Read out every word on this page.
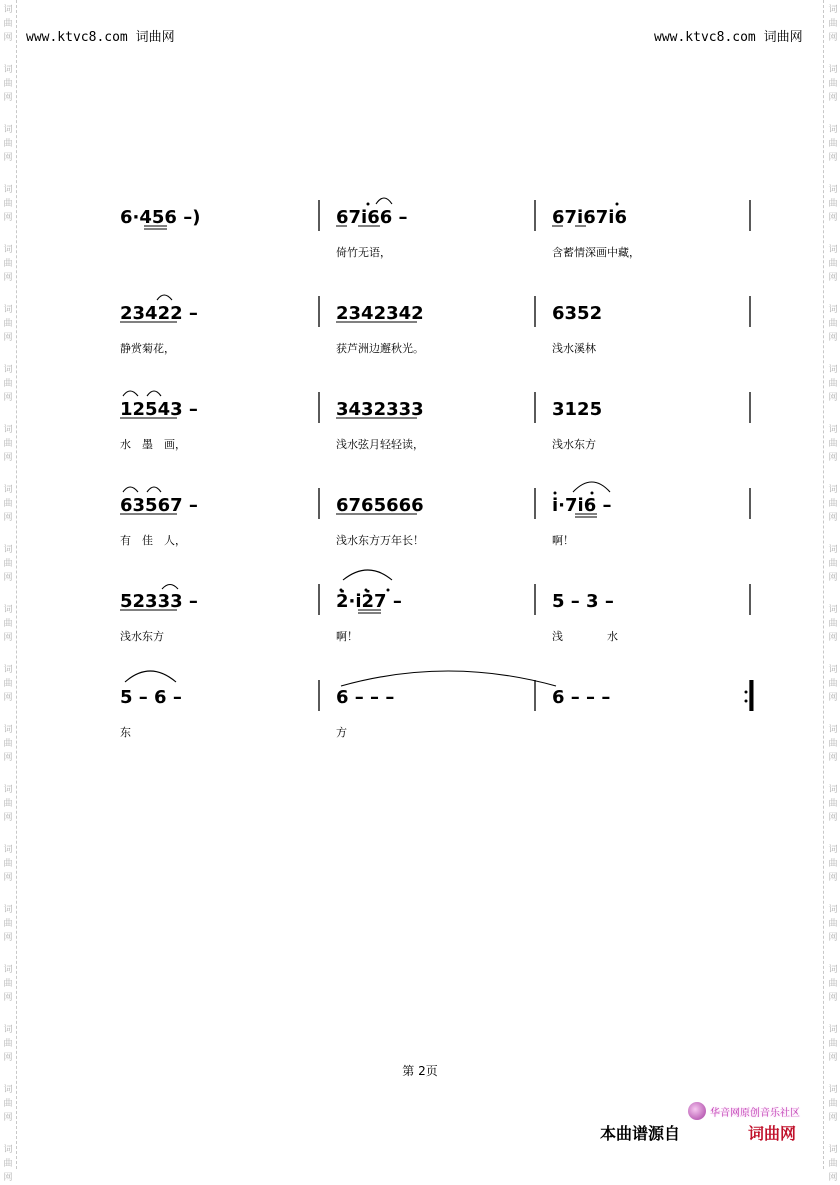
词
曲
网
词
曲
网
词
曲
网
词
曲
网
词
曲
网
词
曲
网
词
曲
网
词
曲
网
词
曲
网
词
曲
网
词
曲
网
词
曲
网
词
曲
网
词
曲
网
词
曲
网
词
曲
网
词
曲
网
词
曲
网
词
曲
网
词
曲
网
词
曲
网
词
曲
网
词
曲
网
词
曲
网
词
曲
网
词
曲
网
词
曲
网
词
曲
网
词
曲
网
词
曲
网
词
曲
网
词
曲
网
词
曲
网
词
曲
网
词
曲
网
词
曲
网
词
曲
网
词
曲
网
词
曲
网
词
曲
网
www.ktvc8.com 词曲网	www.ktvc8.com 词曲网
6·456 –)	67i̇66 –
倚竹无语，
67i̇67i̇6
含蓄情深画中藏，
23422 –
静赏菊花，
2342342
获芦洲边邂秋光。
6352
浅水溪林
12543 –
水　墨　画，
3432333
浅水弦月轻轻读，
3125
浅水东方
63567 –
有　佳　人，
6765666
浅水东方万年长！
i̇·7i̇6 –
啊！
52333 –
浅水东方
2̇·i̇2̇7 –
啊！
5 – 3 –
浅　　　　水
5 – 6 –
东
6 – – –
方
6 – – –
第 2页
华音网原创音乐社区
本曲谱源自	词曲网
